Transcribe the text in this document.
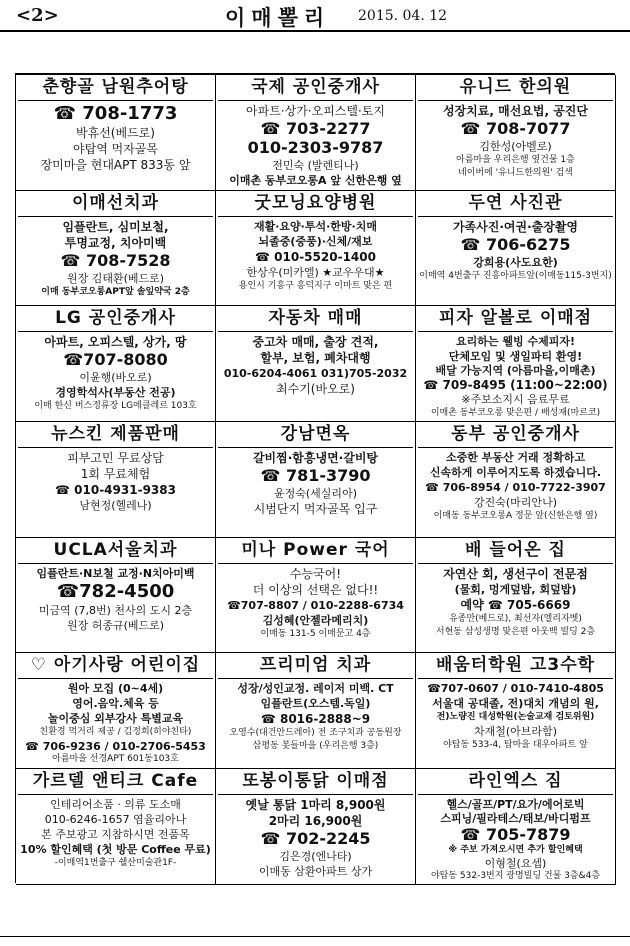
<2>	이매뽈리 2015. 04. 12
춘향골 남원추어탕
☎ 708-1773
박휴선(베드로)
야탑역 먹자골목
장미마을 현대APT 833동 앞
국제 공인중개사
아파트·상가·오피스텔·토지
☎ 703-2277
010-2303-9787
전민숙 (발렌티나)
이매촌 동부코오롱A 앞 신한은행 옆
유니드 한의원
성장치료, 매선요법, 공진단
☎ 708-7077
김한성(아벨로)
아름마을 우리은행 옆건물 1층
네이버에 '유니드한의원' 검색
이매선치과
임플란트, 심미보철,
투명교정, 치아미백
☎ 708-7528
원장 김태환(베드로)
이매 동부코오롱APT앞 솔잎약국 2층
굿모닝요양병원
재활·요양·투석·한방·치매
뇌졸중(중풍)·신체/재보
☎ 010-5520-1400
한상우(미카엘) ★교우우대★
용인시 기흥구 흥덕지구 이마트 맞은 편
두연 사진관
가족사진·여권·출장촬영
☎ 706-6275
강희용(사도요한)
이매역 4번출구 진흥아파트앞(이매동115-3번지)
LG 공인중개사
아파트, 오피스텔, 상가, 땅
☎707-8080
이윤행(바오로)
경영학석사(부동산 전공)
이매 한신 버스정류장 LG에클레르 103호
자동차 매매
중고차 매매, 출장 견적,
할부, 보험, 폐차대행
010-6204-4061 031)705-2032
최수기(바오로)
피자 알볼로 이매점
요리하는 웰빙 수제피자!
단체모임 및 생일파티 환영!
배달 가능지역 (아름마을,이매촌)
☎ 709-8495 (11:00~22:00)
※주보소지시 음료무료
이매촌 동부코오롱 맞은편 / 배성재(마르코)
뉴스킨 제품판매
피부고민 무료상담
1회 무료체험
☎ 010-4931-9383
남현정(헬레나)
강남면옥
갈비찜·함흥냉면·갈비탕
☎ 781-3790
윤정숙(세실리아)
시범단지 먹자골목 입구
동부 공인중개사
소중한 부동산 거래 정확하고
신속하게 이루어지도록 하겠습니다.
☎ 706-8954 / 010-7722-3907
강진숙(마리안나)
이매동 동부코오롱A 정문 앞(신한은행 옆)
UCLA서울치과
임플란트·N보철 교정·N치아미백
☎782-4500
미금역 (7,8번) 천사의 도시 2층
원장 허종규(베드로)
미나 Power 국어
수능국어!
더 이상의 선택은 없다!!
☎707-8807 / 010-2288-6734
김성혜(안젤라메리치)
이매동 131-5 이매문고 4층
배 들어온 집
자연산 회, 생선구이 전문점
(물회, 멍게덮밥, 회덮밥)
예약 ☎ 705-6669
유종만(베드로), 최선자(엘리자벳)
서현동 삼성생명 맞은편 아웃백 빌딩 2층
♡ 아기사랑 어린이집
원아 모집 (0~4세)
영어.음악.체육 등
놀이중심 외부강사 특별교육
친환경 먹거리 제공 / 김정희(히야친타)
☎ 706-9236 / 010-2706-5453
아름마을 선경APT 601동103호
프리미엄 치과
성장/성인교정. 레이저 미백. CT
임플란트(오스템.독일)
☎ 8016-2888~9
오영수(대건안드레아) 전 조구치과 공동원장
삼평동 봇들마을 (우리은행 3층)
배움터학원 고3수학
☎707-0607 / 010-7410-4805
서울대 공대졸, 전)대치 개념의 원,
전)노량진 대성학원(논술교재 검토위원)
차재철(아브라함)
야탑동 533-4, 탑마을 대우아파트 앞
가르델 앤티크 Cafe
인테리어소품 · 의류 도소매
010-6246-1657 염율리아나
본 주보광고 지참하시면 전품목
10% 할인혜택 (첫 방문 Coffee 무료)
-이매역1번출구 쉘산미술관1F-
또봉이통닭 이매점
옛날 통닭 1마리 8,900원
2마리 16,900원
☎ 702-2245
김은경(엔나타)
이매동 삼환아파트 상가
라인엑스 짐
헬스/골프/PT/요가/에어로빅
스피닝/필라테스/태보/바디펌프
☎ 705-7879
※ 주보 가져오시면 추가 할인혜택
이형철(요셉)
야탑동 532-3번지 광명빌딩 건물 3층&4층
